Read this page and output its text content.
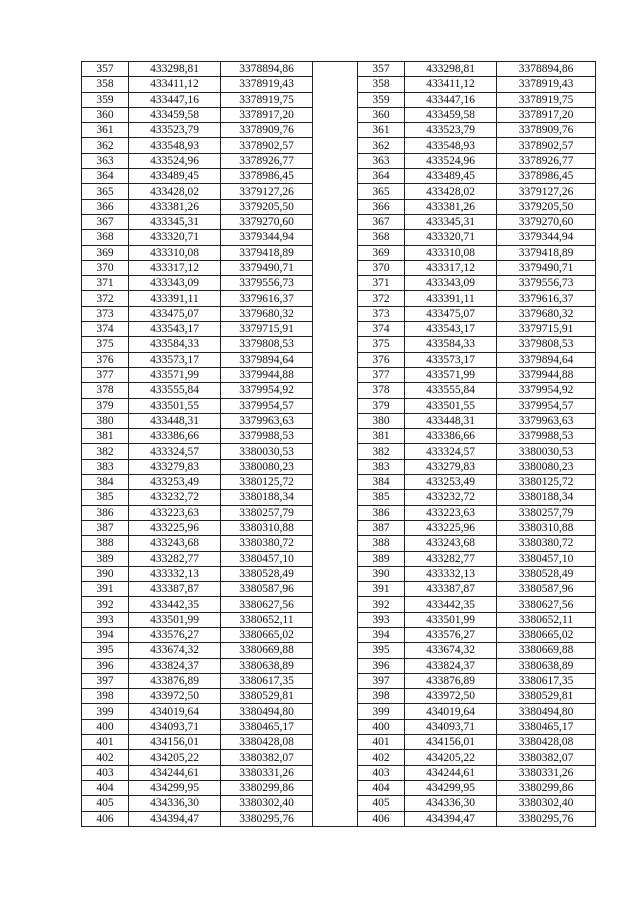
357	433298,81	3378894,86		357	433298,81	3378894,86
358	433411,12	3378919,43		358	433411,12	3378919,43
359	433447,16	3378919,75		359	433447,16	3378919,75
360	433459,58	3378917,20		360	433459,58	3378917,20
361	433523,79	3378909,76		361	433523,79	3378909,76
362	433548,93	3378902,57		362	433548,93	3378902,57
363	433524,96	3378926,77		363	433524,96	3378926,77
364	433489,45	3378986,45		364	433489,45	3378986,45
365	433428,02	3379127,26		365	433428,02	3379127,26
366	433381,26	3379205,50		366	433381,26	3379205,50
367	433345,31	3379270,60		367	433345,31	3379270,60
368	433320,71	3379344,94		368	433320,71	3379344,94
369	433310,08	3379418,89		369	433310,08	3379418,89
370	433317,12	3379490,71		370	433317,12	3379490,71
371	433343,09	3379556,73		371	433343,09	3379556,73
372	433391,11	3379616,37		372	433391,11	3379616,37
373	433475,07	3379680,32		373	433475,07	3379680,32
374	433543,17	3379715,91		374	433543,17	3379715,91
375	433584,33	3379808,53		375	433584,33	3379808,53
376	433573,17	3379894,64		376	433573,17	3379894,64
377	433571,99	3379944,88		377	433571,99	3379944,88
378	433555,84	3379954,92		378	433555,84	3379954,92
379	433501,55	3379954,57		379	433501,55	3379954,57
380	433448,31	3379963,63		380	433448,31	3379963,63
381	433386,66	3379988,53		381	433386,66	3379988,53
382	433324,57	3380030,53		382	433324,57	3380030,53
383	433279,83	3380080,23		383	433279,83	3380080,23
384	433253,49	3380125,72		384	433253,49	3380125,72
385	433232,72	3380188,34		385	433232,72	3380188,34
386	433223,63	3380257,79		386	433223,63	3380257,79
387	433225,96	3380310,88		387	433225,96	3380310,88
388	433243,68	3380380,72		388	433243,68	3380380,72
389	433282,77	3380457,10		389	433282,77	3380457,10
390	433332,13	3380528,49		390	433332,13	3380528,49
391	433387,87	3380587,96		391	433387,87	3380587,96
392	433442,35	3380627,56		392	433442,35	3380627,56
393	433501,99	3380652,11		393	433501,99	3380652,11
394	433576,27	3380665,02		394	433576,27	3380665,02
395	433674,32	3380669,88		395	433674,32	3380669,88
396	433824,37	3380638,89		396	433824,37	3380638,89
397	433876,89	3380617,35		397	433876,89	3380617,35
398	433972,50	3380529,81		398	433972,50	3380529,81
399	434019,64	3380494,80		399	434019,64	3380494,80
400	434093,71	3380465,17		400	434093,71	3380465,17
401	434156,01	3380428,08		401	434156,01	3380428,08
402	434205,22	3380382,07		402	434205,22	3380382,07
403	434244,61	3380331,26		403	434244,61	3380331,26
404	434299,95	3380299,86		404	434299,95	3380299,86
405	434336,30	3380302,40		405	434336,30	3380302,40
406	434394,47	3380295,76		406	434394,47	3380295,76
